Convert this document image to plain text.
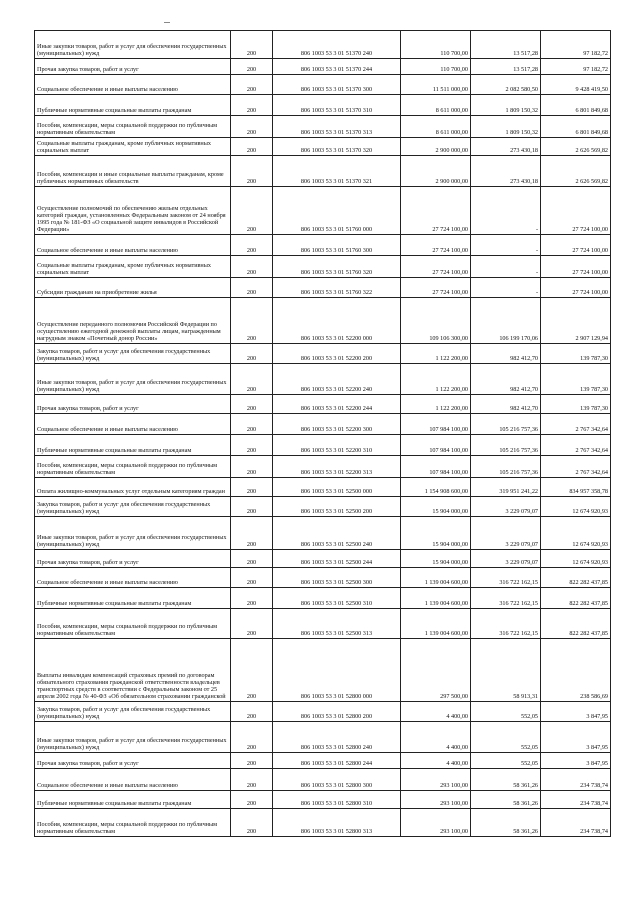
Иные закупки товаров, работ и услуг для обеспечения государственных (муниципальных) нужд	200	806 1003 53 3 01 51370 240	110 700,00	13 517,28	97 182,72
Прочая закупка товаров, работ и услуг	200	806 1003 53 3 01 51370 244	110 700,00	13 517,28	97 182,72
Социальное обеспечение и иные выплаты населению	200	806 1003 53 3 01 51370 300	11 511 000,00	2 082 580,50	9 428 419,50
Публичные нормативные социальные выплаты гражданам	200	806 1003 53 3 01 51370 310	8 611 000,00	1 809 150,32	6 801 849,68
Пособия, компенсации, меры социальной поддержки по публичным нормативным обязательствам	200	806 1003 53 3 01 51370 313	8 611 000,00	1 809 150,32	6 801 849,68
Социальные выплаты гражданам, кроме публичных нормативных социальных выплат	200	806 1003 53 3 01 51370 320	2 900 000,00	273 430,18	2 626 569,82
Пособия, компенсации и иные социальные выплаты гражданам, кроме публичных нормативных обязательств	200	806 1003 53 3 01 51370 321	2 900 000,00	273 430,18	2 626 569,82
Осуществление полномочий по обеспечению жильем отдельных категорий граждан, установленных Федеральным законом от 24 ноября 1995 года № 181-ФЗ «О социальной защите инвалидов в Российской Федерации»	200	806 1003 53 3 01 51760 000	27 724 100,00	-	27 724 100,00
Социальное обеспечение и иные выплаты населению	200	806 1003 53 3 01 51760 300	27 724 100,00	-	27 724 100,00
Социальные выплаты гражданам, кроме публичных нормативных социальных выплат	200	806 1003 53 3 01 51760 320	27 724 100,00	-	27 724 100,00
Субсидии гражданам на приобретение жилья	200	806 1003 53 3 01 51760 322	27 724 100,00	-	27 724 100,00
Осуществление переданного полномочия Российской Федерации по осуществлению ежегодной денежной выплаты лицам, награжденным нагрудным знаком «Почетный донор России»	200	806 1003 53 3 01 52200 000	109 106 300,00	106 199 170,06	2 907 129,94
Закупка товаров, работ и услуг для обеспечения государственных (муниципальных) нужд	200	806 1003 53 3 01 52200 200	1 122 200,00	982 412,70	139 787,30
Иные закупки товаров, работ и услуг для обеспечения государственных (муниципальных) нужд	200	806 1003 53 3 01 52200 240	1 122 200,00	982 412,70	139 787,30
Прочая закупка товаров, работ и услуг	200	806 1003 53 3 01 52200 244	1 122 200,00	982 412,70	139 787,30
Социальное обеспечение и иные выплаты населению	200	806 1003 53 3 01 52200 300	107 984 100,00	105 216 757,36	2 767 342,64
Публичные нормативные социальные выплаты гражданам	200	806 1003 53 3 01 52200 310	107 984 100,00	105 216 757,36	2 767 342,64
Пособия, компенсации, меры социальной поддержки по публичным нормативным обязательствам	200	806 1003 53 3 01 52200 313	107 984 100,00	105 216 757,36	2 767 342,64
Оплата жилищно-коммунальных услуг отдельным категориям граждан	200	806 1003 53 3 01 52500 000	1 154 908 600,00	319 951 241,22	834 957 358,78
Закупка товаров, работ и услуг для обеспечения государственных (муниципальных) нужд	200	806 1003 53 3 01 52500 200	15 904 000,00	3 229 079,07	12 674 920,93
Иные закупки товаров, работ и услуг для обеспечения государственных (муниципальных) нужд	200	806 1003 53 3 01 52500 240	15 904 000,00	3 229 079,07	12 674 920,93
Прочая закупка товаров, работ и услуг	200	806 1003 53 3 01 52500 244	15 904 000,00	3 229 079,07	12 674 920,93
Социальное обеспечение и иные выплаты населению	200	806 1003 53 3 01 52500 300	1 139 004 600,00	316 722 162,15	822 282 437,85
Публичные нормативные социальные выплаты гражданам	200	806 1003 53 3 01 52500 310	1 139 004 600,00	316 722 162,15	822 282 437,85
Пособия, компенсации, меры социальной поддержки по публичным нормативным обязательствам	200	806 1003 53 3 01 52500 313	1 139 004 600,00	316 722 162,15	822 282 437,85
Выплаты инвалидам компенсаций страховых премий по договорам обязательного страхования гражданской ответственности владельцев транспортных средств в соответствии с Федеральным законом от 25 апреля 2002 года № 40-ФЗ «Об обязательном страховании гражданской	200	806 1003 53 3 01 52800 000	297 500,00	58 913,31	238 586,69
Закупка товаров, работ и услуг для обеспечения государственных (муниципальных) нужд	200	806 1003 53 3 01 52800 200	4 400,00	552,05	3 847,95
Иные закупки товаров, работ и услуг для обеспечения государственных (муниципальных) нужд	200	806 1003 53 3 01 52800 240	4 400,00	552,05	3 847,95
Прочая закупка товаров, работ и услуг	200	806 1003 53 3 01 52800 244	4 400,00	552,05	3 847,95
Социальное обеспечение и иные выплаты населению	200	806 1003 53 3 01 52800 300	293 100,00	58 361,26	234 738,74
Публичные нормативные социальные выплаты гражданам	200	806 1003 53 3 01 52800 310	293 100,00	58 361,26	234 738,74
Пособия, компенсации, меры социальной поддержки по публичным нормативным обязательствам	200	806 1003 53 3 01 52800 313	293 100,00	58 361,26	234 738,74
